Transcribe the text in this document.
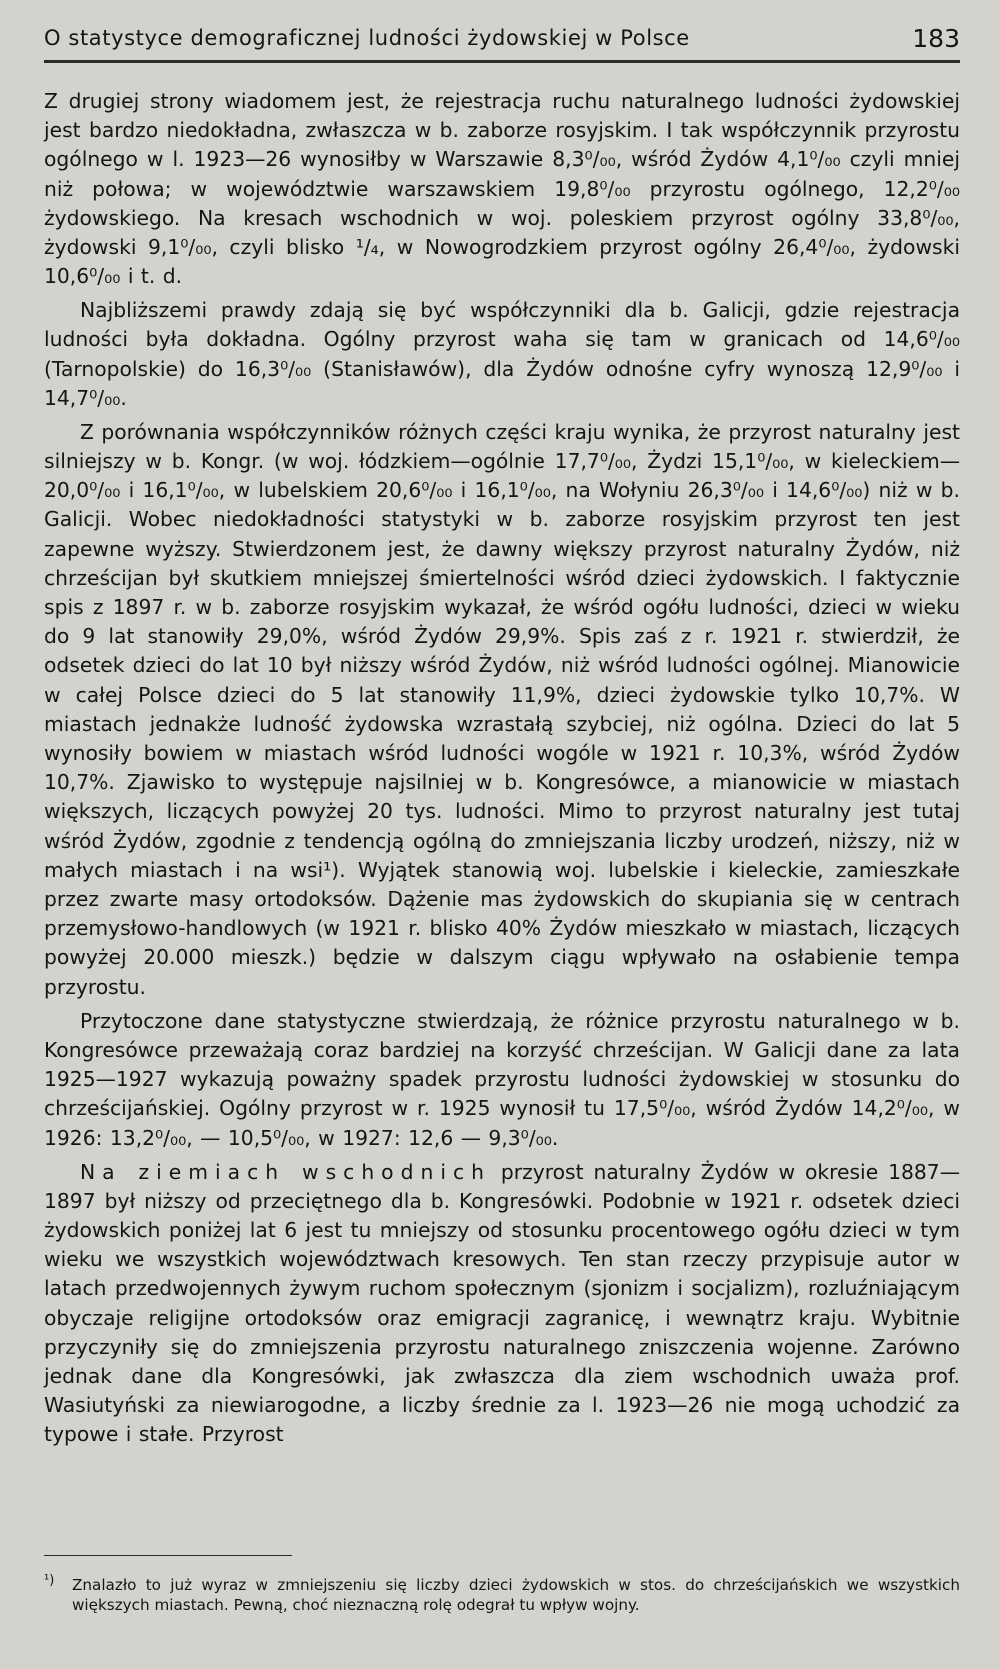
O statystyce demograficznej ludności żydowskiej w Polsce	183

Z drugiej strony wiadomem jest, że rejestracja ruchu naturalnego ludności żydowskiej jest bardzo niedokładna, zwłaszcza w b. zaborze rosyjskim. I tak współczynnik przyrostu ogólnego w l. 1923—26 wynosiłby w Warszawie 8,3⁰/₀₀, wśród Żydów 4,1⁰/₀₀ czyli mniej niż połowa; w województwie warszawskiem 19,8⁰/₀₀ przyrostu ogólnego, 12,2⁰/₀₀ żydowskiego. Na kresach wschodnich w woj. poleskiem przyrost ogólny 33,8⁰/₀₀, żydowski 9,1⁰/₀₀, czyli blisko ¹/₄, w Nowogrodzkiem przyrost ogólny 26,4⁰/₀₀, żydowski 10,6⁰/₀₀ i t. d.

Najbliższemi prawdy zdają się być współczynniki dla b. Galicji, gdzie rejestracja ludności była dokładna. Ogólny przyrost waha się tam w granicach od 14,6⁰/₀₀ (Tarnopolskie) do 16,3⁰/₀₀ (Stanisławów), dla Żydów odnośne cyfry wynoszą 12,9⁰/₀₀ i 14,7⁰/₀₀.

Z porównania współczynników różnych części kraju wynika, że przyrost naturalny jest silniejszy w b. Kongr. (w woj. łódzkiem—ogólnie 17,7⁰/₀₀, Żydzi 15,1⁰/₀₀, w kieleckiem— 20,0⁰/₀₀ i 16,1⁰/₀₀, w lubelskiem 20,6⁰/₀₀ i 16,1⁰/₀₀, na Wołyniu 26,3⁰/₀₀ i 14,6⁰/₀₀) niż w b. Galicji. Wobec niedokładności statystyki w b. zaborze rosyjskim przyrost ten jest zapewne wyższy. Stwierdzonem jest, że dawny większy przyrost naturalny Żydów, niż chrześcijan był skutkiem mniejszej śmiertelności wśród dzieci żydowskich. I faktycznie spis z 1897 r. w b. zaborze rosyjskim wykazał, że wśród ogółu ludności, dzieci w wieku do 9 lat stanowiły 29,0%, wśród Żydów 29,9%. Spis zaś z r. 1921 r. stwierdził, że odsetek dzieci do lat 10 był niższy wśród Żydów, niż wśród ludności ogólnej. Mianowicie w całej Polsce dzieci do 5 lat stanowiły 11,9%, dzieci żydowskie tylko 10,7%. W miastach jednakże ludność żydowska wzrastałą szybciej, niż ogólna. Dzieci do lat 5 wynosiły bowiem w miastach wśród ludności wogóle w 1921 r. 10,3%, wśród Żydów 10,7%. Zjawisko to występuje najsilniej w b. Kongresówce, a mianowicie w miastach większych, liczących powyżej 20 tys. ludności. Mimo to przyrost naturalny jest tutaj wśród Żydów, zgodnie z tendencją ogólną do zmniejszania liczby urodzeń, niższy, niż w małych miastach i na wsi¹). Wyjątek stanowią woj. lubelskie i kieleckie, zamieszkałe przez zwarte masy ortodoksów. Dążenie mas żydowskich do skupiania się w centrach przemysłowo-handlowych (w 1921 r. blisko 40% Żydów mieszkało w miastach, liczących powyżej 20.000 mieszk.) będzie w dalszym ciągu wpływało na osłabienie tempa przyrostu.

Przytoczone dane statystyczne stwierdzają, że różnice przyrostu naturalnego w b. Kongresówce przeważają coraz bardziej na korzyść chrześcijan. W Galicji dane za lata 1925—1927 wykazują poważny spadek przyrostu ludności żydowskiej w stosunku do chrześcijańskiej. Ogólny przyrost w r. 1925 wynosił tu 17,5⁰/₀₀, wśród Żydów 14,2⁰/₀₀, w 1926: 13,2⁰/₀₀, — 10,5⁰/₀₀, w 1927: 12,6 — 9,3⁰/₀₀.

Na ziemiach wschodnich przyrost naturalny Żydów w okresie 1887—1897 był niższy od przeciętnego dla b. Kongresówki. Podobnie w 1921 r. odsetek dzieci żydowskich poniżej lat 6 jest tu mniejszy od stosunku procentowego ogółu dzieci w tym wieku we wszystkich województwach kresowych. Ten stan rzeczy przypisuje autor w latach przedwojennych żywym ruchom społecznym (sjonizm i socjalizm), rozluźniającym obyczaje religijne ortodoksów oraz emigracji zagranicę, i wewnątrz kraju. Wybitnie przyczyniły się do zmniejszenia przyrostu naturalnego zniszczenia wojenne. Zarówno jednak dane dla Kongresówki, jak zwłaszcza dla ziem wschodnich uważa prof. Wasiutyński za niewiarogodne, a liczby średnie za l. 1923—26 nie mogą uchodzić za typowe i stałe. Przyrost

¹) Znalazło to już wyraz w zmniejszeniu się liczby dzieci żydowskich w stos. do chrześcijańskich we wszystkich większych miastach. Pewną, choć nieznaczną rolę odegrał tu wpływ wojny.
